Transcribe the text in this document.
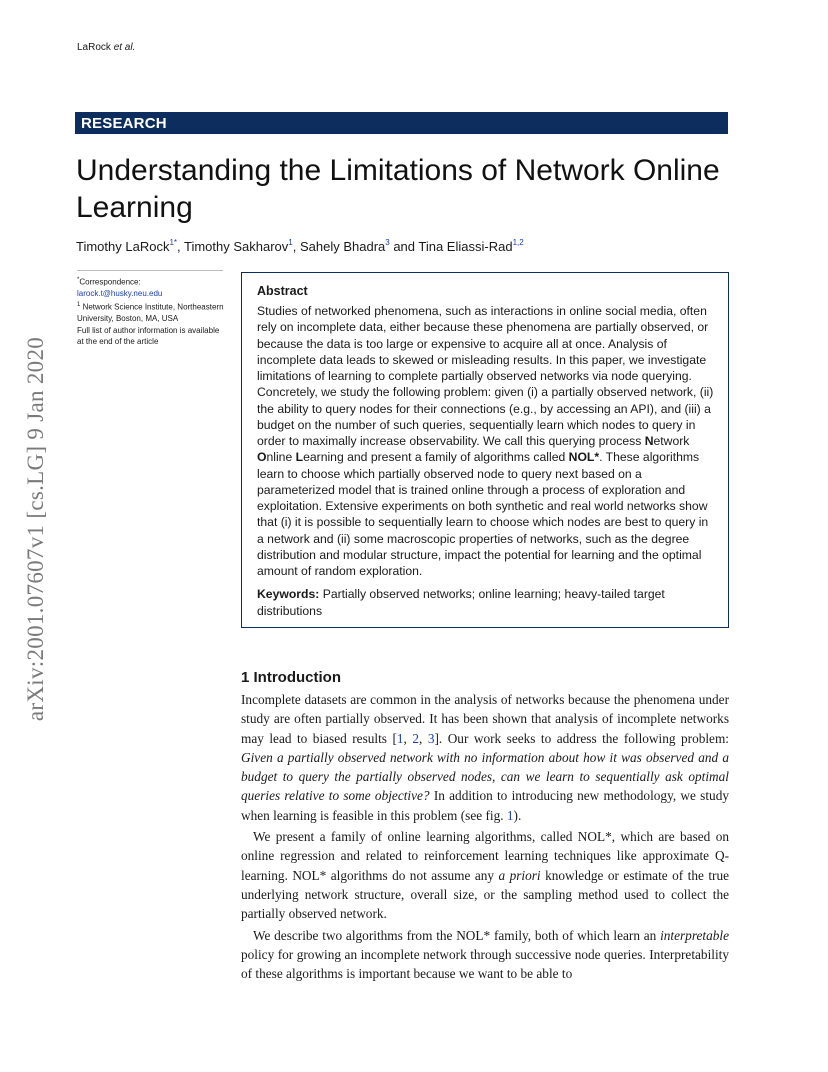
LaRock et al.
RESEARCH
Understanding the Limitations of Network Online Learning
Timothy LaRock$^{1*}$, Timothy Sakharov$^1$, Sahely Bhadra$^3$ and Tina Eliassi-Rad$^{1,2}$

*Correspondence:

larock.t@husky.neu.edu

$^1$ Network Science Institute, Northeastern University, Boston, MA, USA

Full list of author information is available at the end of the article

arXiv:2001.07607v1 [cs.LG] 9 Jan 2020

Abstract

Studies of networked phenomena, such as interactions in online social media, often rely on incomplete data, either because these phenomena are partially observed, or because the data is too large or expensive to acquire all at once. Analysis of incomplete data leads to skewed or misleading results. In this paper, we investigate limitations of learning to complete partially observed networks via node querying. Concretely, we study the following problem: given (i) a partially observed network, (ii) the ability to query nodes for their connections (e.g., by accessing an API), and (iii) a budget on the number of such queries, sequentially learn which nodes to query in order to maximally increase observability. We call this querying process Network Online Learning and present a family of algorithms called NOL*. These algorithms learn to choose which partially observed node to query next based on a parameterized model that is trained online through a process of exploration and exploitation. Extensive experiments on both synthetic and real world networks show that (i) it is possible to sequentially learn to choose which nodes are best to query in a network and (ii) some macroscopic properties of networks, such as the degree distribution and modular structure, impact the potential for learning and the optimal amount of random exploration.

Keywords: Partially observed networks; online learning; heavy-tailed target distributions

1 Introduction

Incomplete datasets are common in the analysis of networks because the phenomena under study are often partially observed. It has been shown that analysis of incomplete networks may lead to biased results [1, 2, 3]. Our work seeks to address the following problem: Given a partially observed network with no information about how it was observed and a budget to query the partially observed nodes, can we learn to sequentially ask optimal queries relative to some objective? In addition to introducing new methodology, we study when learning is feasible in this problem (see fig. 1).

We present a family of online learning algorithms, called NOL*, which are based on online regression and related to reinforcement learning techniques like approximate Q-learning. NOL* algorithms do not assume any a priori knowledge or estimate of the true underlying network structure, overall size, or the sampling method used to collect the partially observed network.

We describe two algorithms from the NOL* family, both of which learn an interpretable policy for growing an incomplete network through successive node queries. Interpretability of these algorithms is important because we want to be able to
